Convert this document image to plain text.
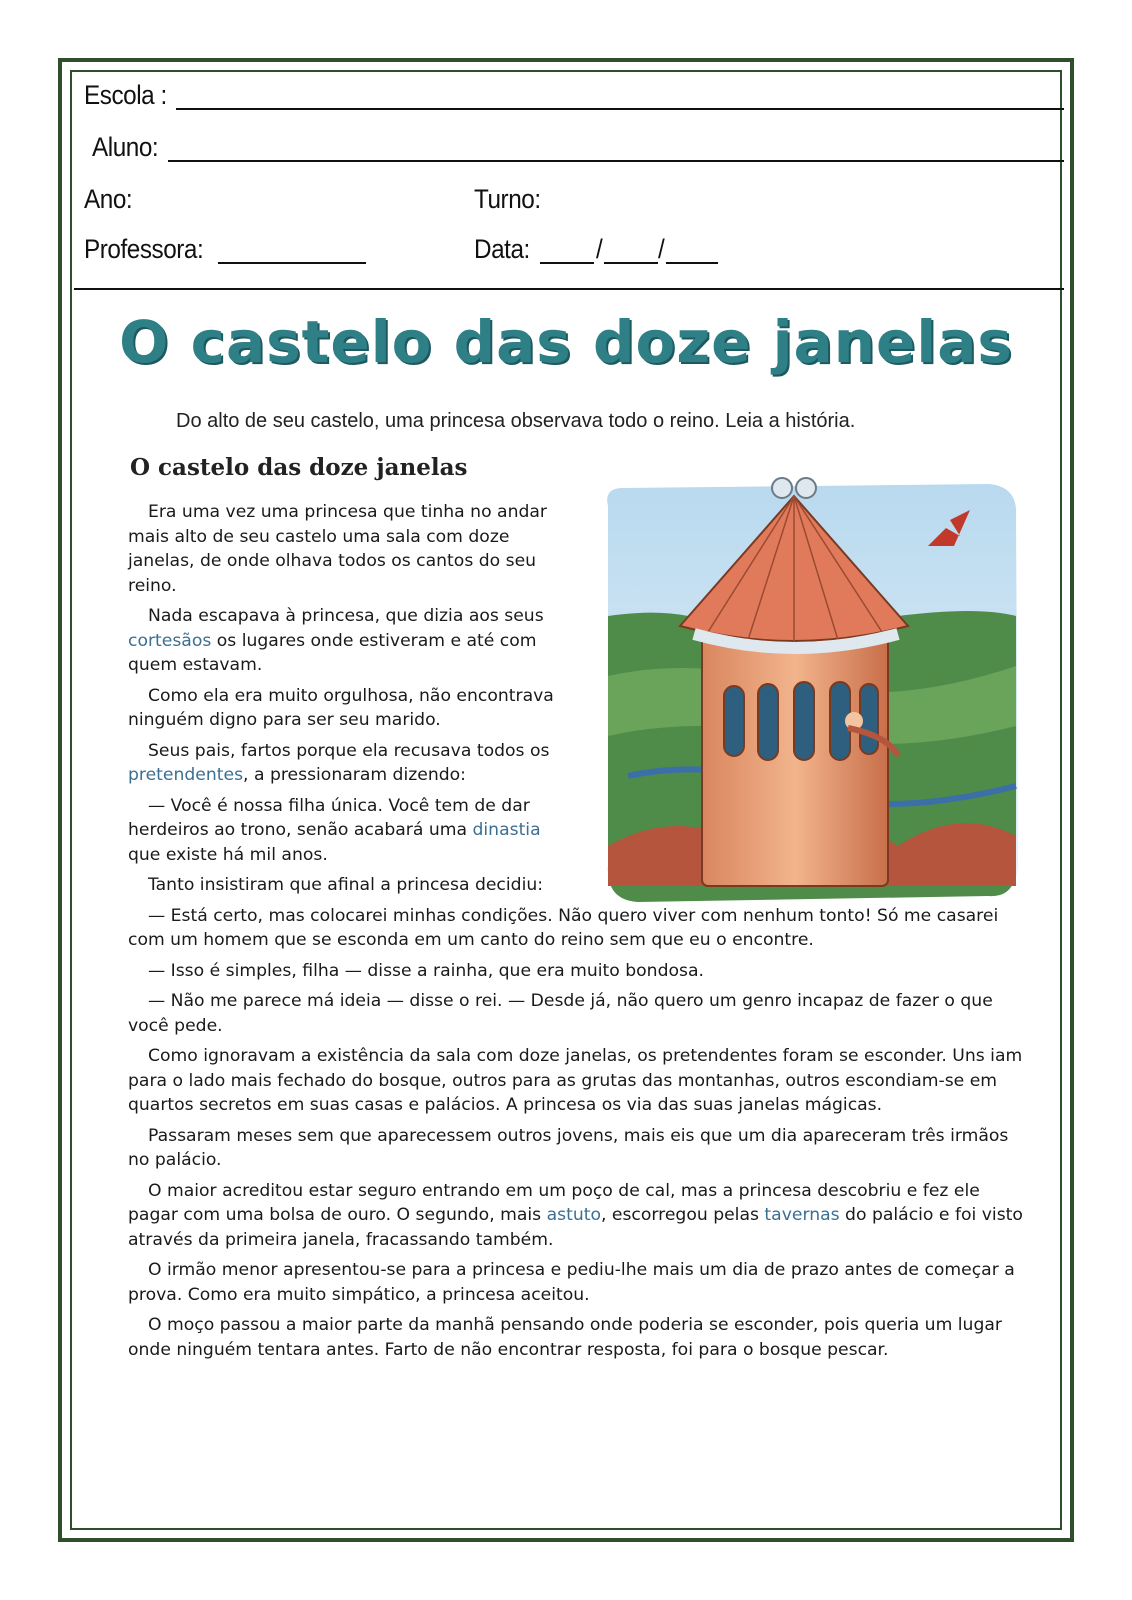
Escola :
Aluno:
Ano:	Turno:
Professora:	Data: / /
O castelo das doze janelas
Do alto de seu castelo, uma princesa observava todo o reino. Leia a história.
O castelo das doze janelas

Era uma vez uma princesa que tinha no andar mais alto de seu castelo uma sala com doze janelas, de onde olhava todos os cantos do seu reino.

Nada escapava à princesa, que dizia aos seus cortesãos os lugares onde estiveram e até com quem estavam.

Como ela era muito orgulhosa, não encontrava ninguém digno para ser seu marido.

Seus pais, fartos porque ela recusava todos os pretendentes, a pressionaram dizendo:

— Você é nossa filha única. Você tem de dar herdeiros ao trono, senão acabará uma dinastia que existe há mil anos.

Tanto insistiram que afinal a princesa decidiu:

— Está certo, mas colocarei minhas condições. Não quero viver com nenhum tonto! Só me casarei com um homem que se esconda em um canto do reino sem que eu o encontre.

— Isso é simples, filha — disse a rainha, que era muito bondosa.

— Não me parece má ideia — disse o rei. — Desde já, não quero um genro incapaz de fazer o que você pede.

Como ignoravam a existência da sala com doze janelas, os pretendentes foram se esconder. Uns iam para o lado mais fechado do bosque, outros para as grutas das montanhas, outros escondiam-se em quartos secretos em suas casas e palácios. A princesa os via das suas janelas mágicas.

Passaram meses sem que aparecessem outros jovens, mais eis que um dia apareceram três irmãos no palácio.

O maior acreditou estar seguro entrando em um poço de cal, mas a princesa descobriu e fez ele pagar com uma bolsa de ouro. O segundo, mais astuto, escorregou pelas tavernas do palácio e foi visto através da primeira janela, fracassando também.

O irmão menor apresentou-se para a princesa e pediu-lhe mais um dia de prazo antes de começar a prova. Como era muito simpático, a princesa aceitou.

O moço passou a maior parte da manhã pensando onde poderia se esconder, pois queria um lugar onde ninguém tentara antes. Farto de não encontrar resposta, foi para o bosque pescar.
